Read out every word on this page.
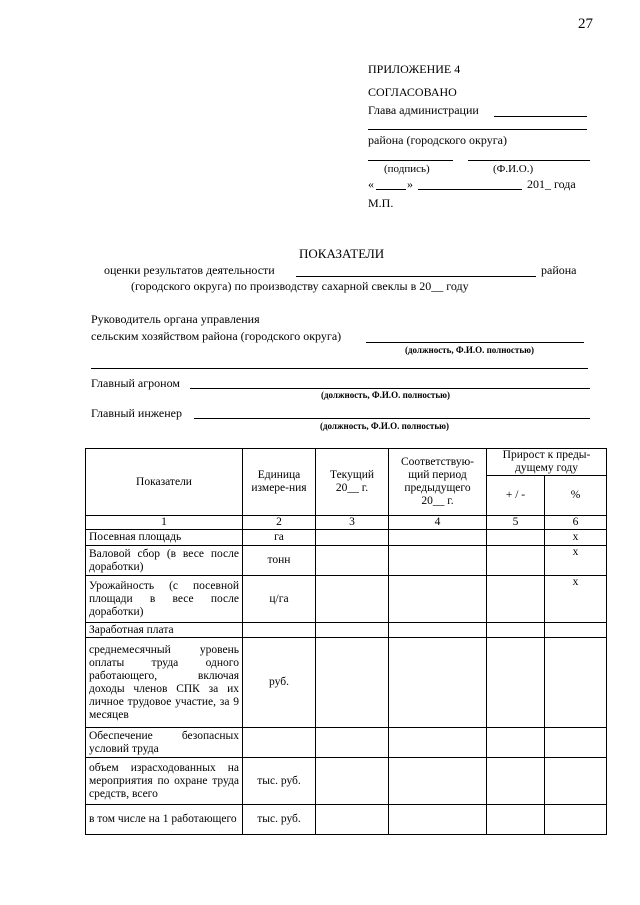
27
ПРИЛОЖЕНИЕ 4
СОГЛАСОВАНО
Глава администрации
района (городского округа)
(подпись)	(Ф.И.О.)
«	»	201_ года
М.П.
ПОКАЗАТЕЛИ
оценки результатов деятельности	района
(городского округа) по производству сахарной свеклы в 20__ году
Руководитель органа управления
сельским хозяйством района (городского округа)
(должность, Ф.И.О. полностью)
Главный агроном
(должность, Ф.И.О. полностью)
Главный инженер
(должность, Ф.И.О. полностью)
Показатели	Единица измере-ния	Текущий 20__ г.	Соответствую-щий период предыдущего 20__ г.	Прирост к преды-дущему году	
				+ / -	%
1	2	3	4	5	6
Посевная площадь	га				х
Валовой сбор (в весе после доработки)	тонн				х
Урожайность (с посевной площади в весе после доработки)	ц/га				х
Заработная плата					
среднемесячный уровень оплаты труда одного работающего, включая доходы членов СПК за их личное трудовое участие, за 9 месяцев	руб.				
Обеспечение безопасных условий труда					
объем израсходованных на мероприятия по охране труда средств, всего	тыс. руб.				
в том числе на 1 работающего	тыс. руб.				
